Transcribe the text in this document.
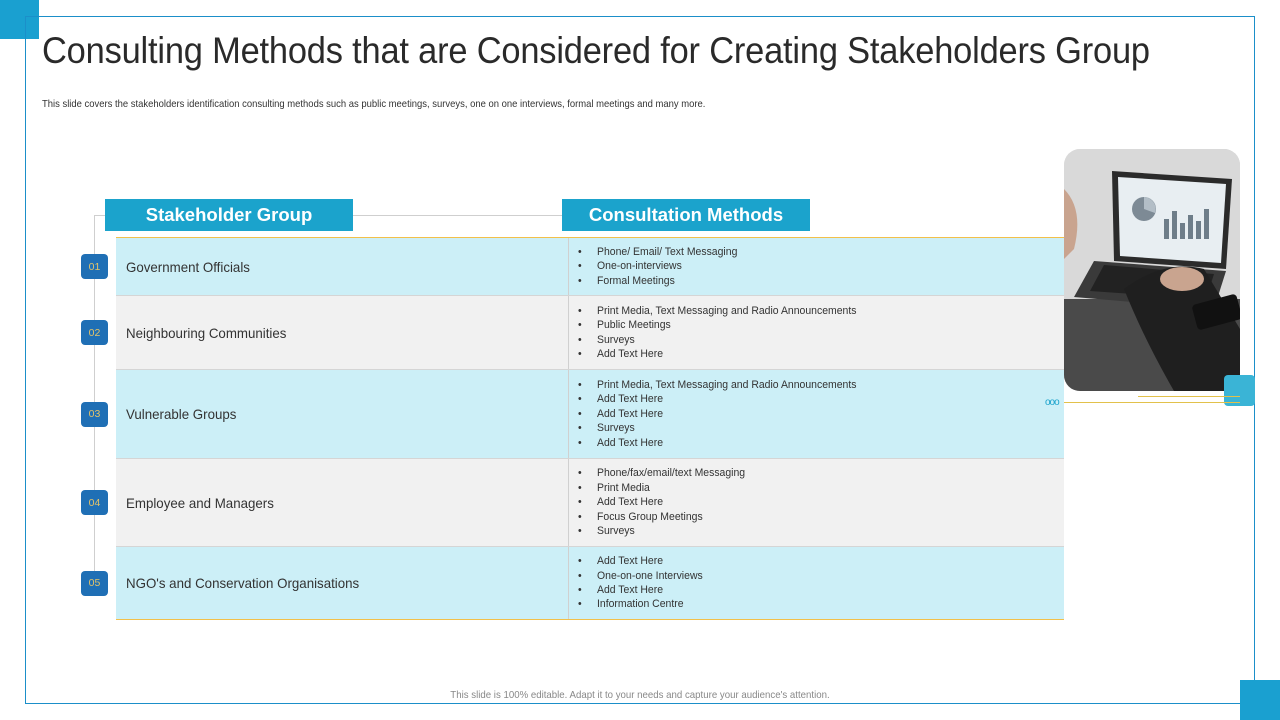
Consulting Methods that are Considered for Creating Stakeholders Group
This slide covers the stakeholders identification consulting methods such as public meetings, surveys, one on one interviews, formal meetings and many more.
Stakeholder Group	Consultation Methods
Government Officials
• Phone/ Email/ Text Messaging
• One-on-interviews
• Formal Meetings
Neighbouring Communities
• Print Media, Text Messaging and Radio Announcements
• Public Meetings
• Surveys
• Add Text Here
Vulnerable Groups
• Print Media, Text Messaging and Radio Announcements
• Add Text Here
• Add Text Here
• Surveys
• Add Text Here
Employee and Managers
• Phone/fax/email/text Messaging
• Print Media
• Add Text Here
• Focus Group Meetings
• Surveys
NGO's and Conservation Organisations
• Add Text Here
• One-on-one Interviews
• Add Text Here
• Information Centre
01
02
03
04
05
ooo
This slide is 100% editable. Adapt it to your needs and capture your audience's attention.
